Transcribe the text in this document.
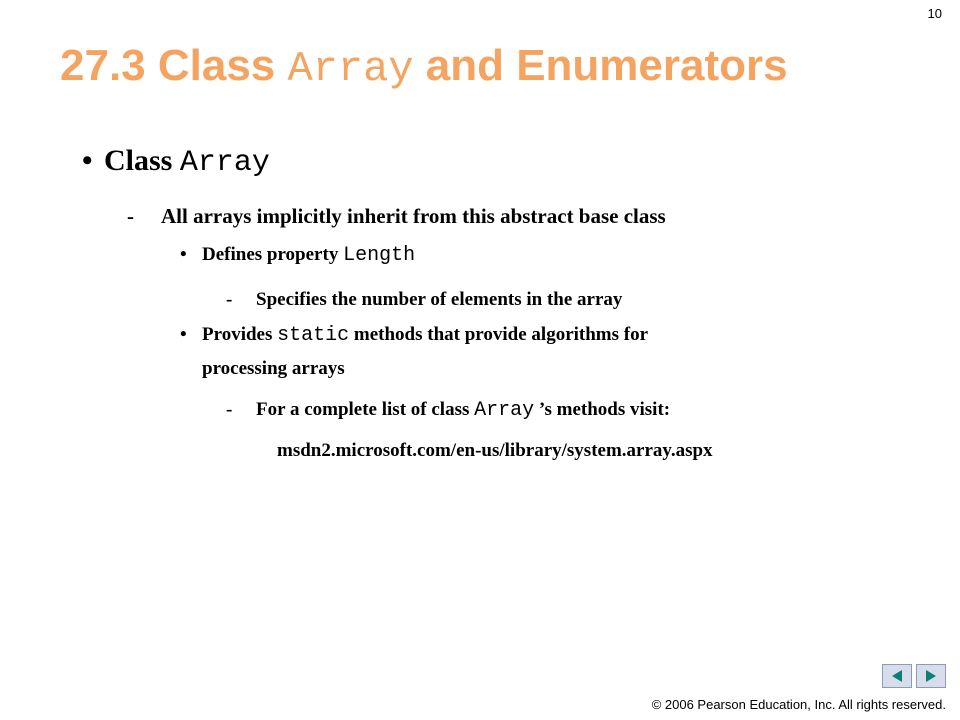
10
27.3 Class Array and Enumerators
• Class Array
- All arrays implicitly inherit from this abstract base class
• Defines property Length
- Specifies the number of elements in the array
• Provides static methods that provide algorithms for
processing arrays
- For a complete list of class Array ’s methods visit:
msdn2.microsoft.com/en-us/library/system.array.aspx
© 2006 Pearson Education, Inc. All rights reserved.
